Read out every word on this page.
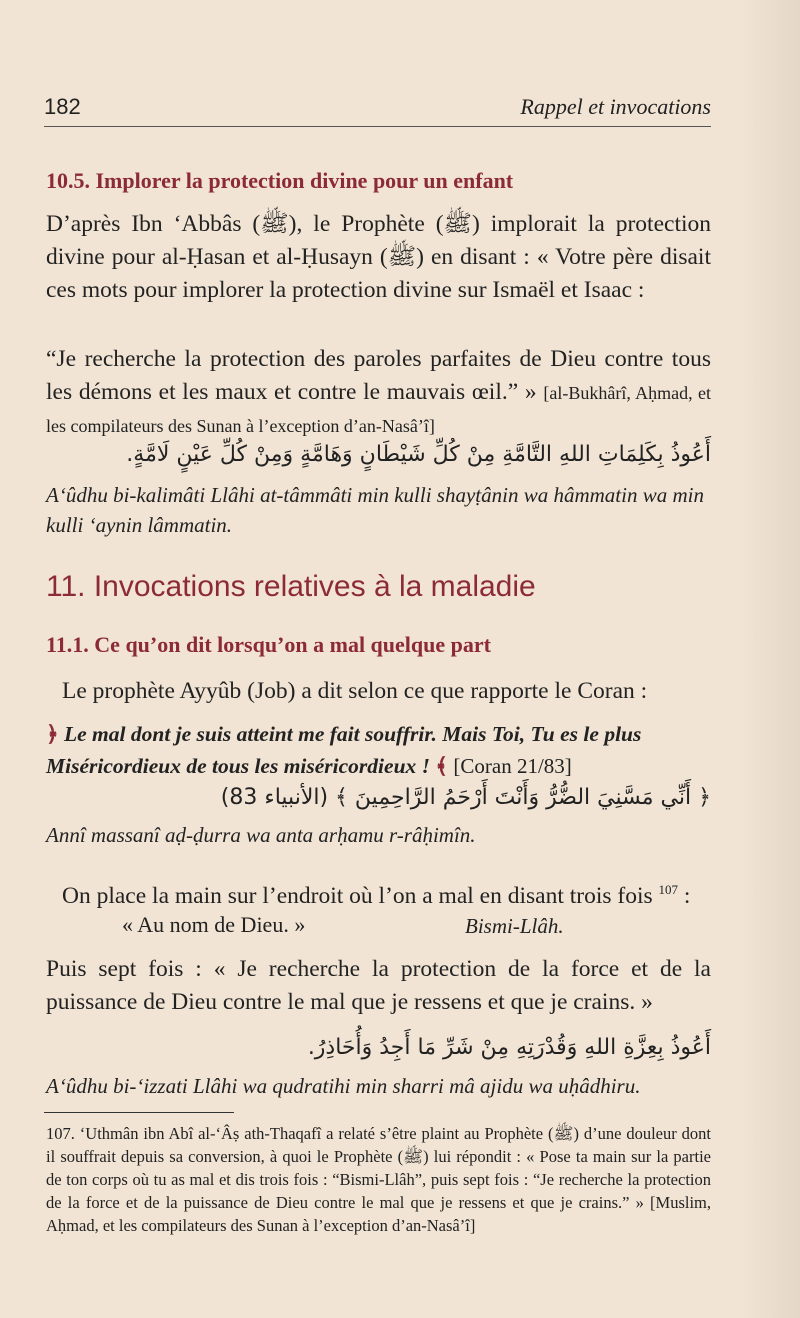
182	Rappel et invocations
10.5. Implorer la protection divine pour un enfant
D’après Ibn ‘Abbâs (ﷺ), le Prophète (ﷺ) implorait la protection divine pour al-Ḥasan et al-Ḥusayn (ﷺ) en disant : « Votre père disait ces mots pour implorer la protection divine sur Ismaël et Isaac :
“Je recherche la protection des paroles parfaites de Dieu contre tous les démons et les maux et contre le mauvais œil.” » [al-Bukhârî, Aḥmad, et les compilateurs des Sunan à l’exception d’an-Nasâ’î]
أَعُوذُ بِكَلِمَاتِ اللهِ التَّامَّةِ مِنْ كُلِّ شَيْطَانٍ وَهَامَّةٍ وَمِنْ كُلِّ عَيْنٍ لَامَّةٍ.
A‘ûdhu bi-kalimâti Llâhi at-tâmmâti min kulli shayṭânin wa hâmmatin wa min kulli ‘aynin lâmmatin.
11. Invocations relatives à la maladie
11.1. Ce qu’on dit lorsqu’on a mal quelque part
Le prophète Ayyûb (Job) a dit selon ce que rapporte le Coran :
﴿ Le mal dont je suis atteint me fait souffrir. Mais Toi, Tu es le plus Miséricordieux de tous les miséricordieux ! ﴾ [Coran 21/83]
﴿ أَنِّي مَسَّنِيَ الضُّرُّ وَأَنْتَ أَرْحَمُ الرَّاحِمِينَ ﴾ (الأنبياء 83)
Annî massanî aḍ-ḍurra wa anta arḥamu r-râḥimîn.
On place la main sur l’endroit où l’on a mal en disant trois fois $^{107}$ :
« Au nom de Dieu. »	Bismi-Llâh.
Puis sept fois : « Je recherche la protection de la force et de la puissance de Dieu contre le mal que je ressens et que je crains. »
أَعُوذُ بِعِزَّةِ اللهِ وَقُدْرَتِهِ مِنْ شَرِّ مَا أَجِدُ وَأُحَاذِرُ.
A‘ûdhu bi-‘izzati Llâhi wa qudratihi min sharri mâ ajidu wa uḥâdhiru.
107. ‘Uthmân ibn Abî al-‘Âṣ ath-Thaqafî a relaté s’être plaint au Prophète (ﷺ) d’une douleur dont il souffrait depuis sa conversion, à quoi le Prophète (ﷺ) lui répondit : « Pose ta main sur la partie de ton corps où tu as mal et dis trois fois : “Bismi-Llâh”, puis sept fois : “Je recherche la protection de la force et de la puissance de Dieu contre le mal que je ressens et que je crains.” » [Muslim, Aḥmad, et les compilateurs des Sunan à l’exception d’an-Nasâ’î]
